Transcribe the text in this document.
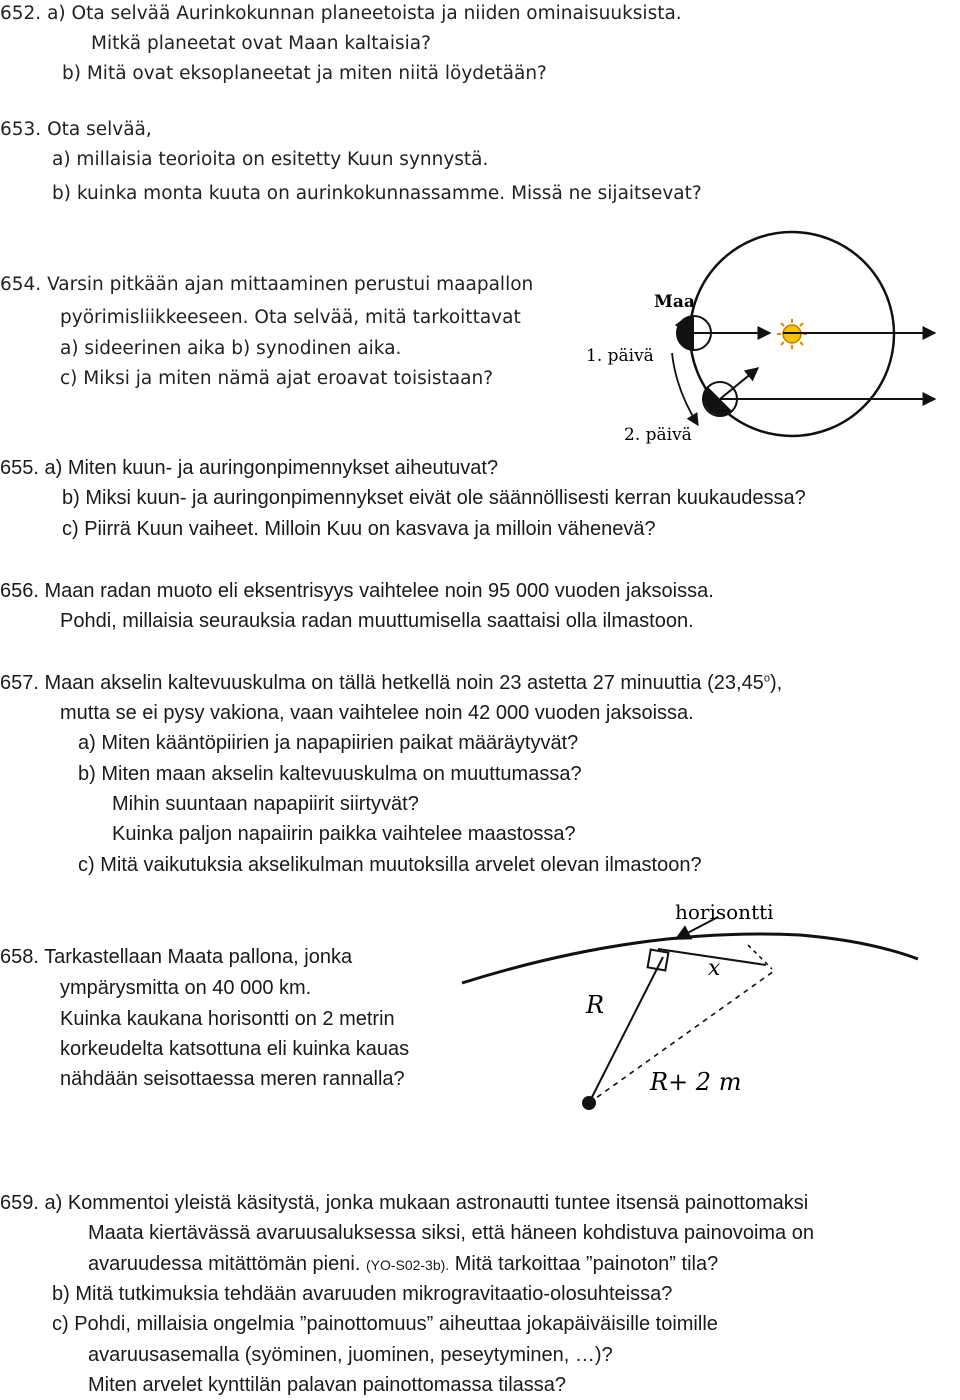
652. a) Ota selvää Aurinkokunnan planeetoista ja niiden ominaisuuksista.
Mitkä planeetat ovat Maan kaltaisia?
b) Mitä ovat eksoplaneetat ja miten niitä löydetään?
653. Ota selvää,
a) millaisia teorioita on esitetty Kuun synnystä.
b) kuinka monta kuuta on aurinkokunnassamme. Missä ne sijaitsevat?
654. Varsin pitkään ajan mittaaminen perustui maapallon
pyörimisliikkeeseen. Ota selvää, mitä tarkoittavat
a) sideerinen aika b) synodinen aika.
c) Miksi ja miten nämä ajat eroavat toisistaan?
Maa
1. päivä
2. päivä
655. a) Miten kuun- ja auringonpimennykset aiheutuvat?
b) Miksi kuun- ja auringonpimennykset eivät ole säännöllisesti kerran kuukaudessa?
c) Piirrä Kuun vaiheet. Milloin Kuu on kasvava ja milloin vähenevä?
656. Maan radan muoto eli eksentrisyys vaihtelee noin 95 000 vuoden jaksoissa.
Pohdi, millaisia seurauksia radan muuttumisella saattaisi olla ilmastoon.
657. Maan akselin kaltevuuskulma on tällä hetkellä noin 23 astetta 27 minuuttia (23,45$^o$),
mutta se ei pysy vakiona, vaan vaihtelee noin 42 000 vuoden jaksoissa.
a) Miten kääntöpiirien ja napapiirien paikat määräytyvät?
b) Miten maan akselin kaltevuuskulma on muuttumassa?
Mihin suuntaan napapiirit siirtyvät?
Kuinka paljon napaiirin paikka vaihtelee maastossa?
c) Mitä vaikutuksia akselikulman muutoksilla arvelet olevan ilmastoon?
658. Tarkastellaan Maata pallona, jonka
ympärysmitta on 40 000 km.
Kuinka kaukana horisontti on 2 metrin
korkeudelta katsottuna eli kuinka kauas
nähdään seisottaessa meren rannalla?
horisontti
x
R
R+ 2 m
659. a) Kommentoi yleistä käsitystä, jonka mukaan astronautti tuntee itsensä painottomaksi
Maata kiertävässä avaruusaluksessa siksi, että häneen kohdistuva painovoima on
avaruudessa mitättömän pieni. (YO-S02-3b). Mitä tarkoittaa ”painoton” tila?
b) Mitä tutkimuksia tehdään avaruuden mikrogravitaatio-olosuhteissa?
c) Pohdi, millaisia ongelmia ”painottomuus” aiheuttaa jokapäiväisille toimille
avaruusasemalla (syöminen, juominen, peseytyminen, …)?
Miten arvelet kynttilän palavan painottomassa tilassa?
